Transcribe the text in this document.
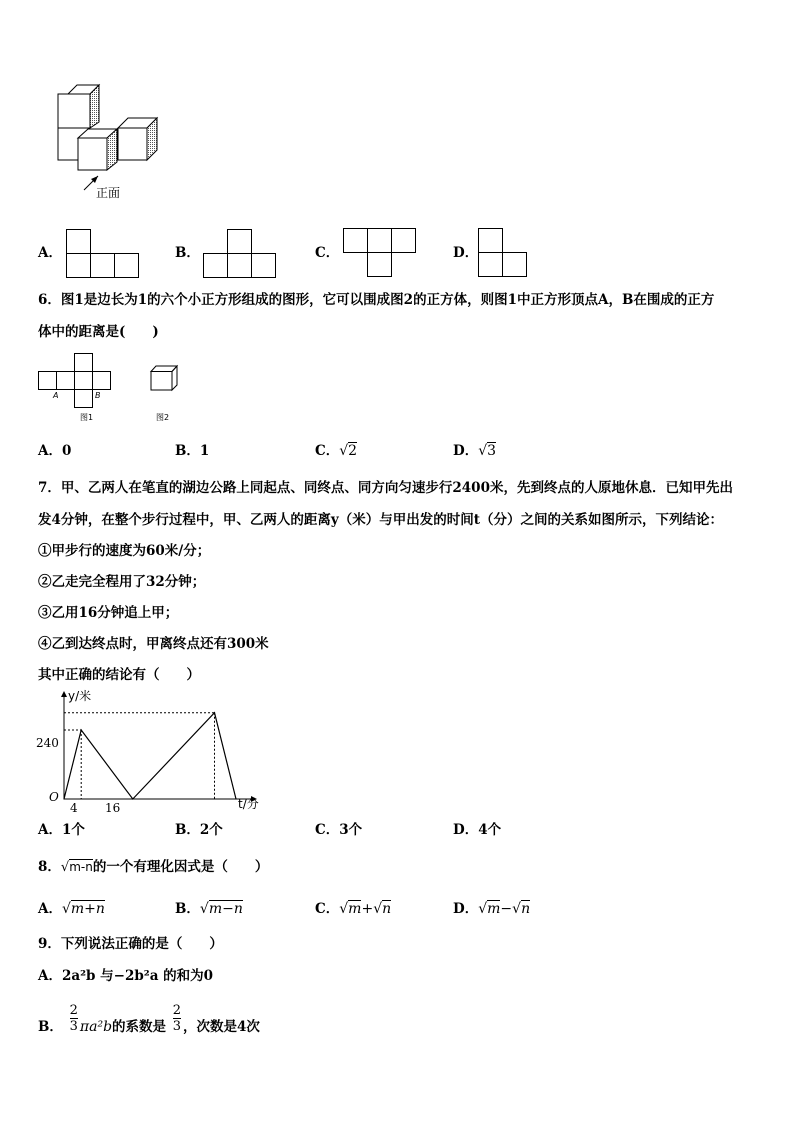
正面
A．	B．	C．	D．
6．图1是边长为1的六个小正方形组成的图形，它可以围成图2的正方体，则图1中正方形顶点A，B在围成的正方
体中的距离是(　　)
A	B
图1	图2
A．0	B．1	C．√2	D．√3
7．甲、乙两人在笔直的湖边公路上同起点、同终点、同方向匀速步行2400米，先到终点的人原地休息．已知甲先出
发4分钟，在整个步行过程中，甲、乙两人的距离y（米）与甲出发的时间t（分）之间的关系如图所示，下列结论：
①甲步行的速度为60米/分；
②乙走完全程用了32分钟；
③乙用16分钟追上甲；
④乙到达终点时，甲离终点还有300米
其中正确的结论有（　　）
y/米
t/分
O
240
4 16
A．1个	B．2个	C．3个	D．4个
8．√m-n的一个有理化因式是（　　）
A．√m+n	B．√m−n	C．√m+√n	D．√m−√n
9．下列说法正确的是（　　）
A．2a²b 与−2b²a 的和为0
B． $\frac{2}{3} \pi a^2b$的系数是 $\frac{2}{3}$ ，次数是4次
